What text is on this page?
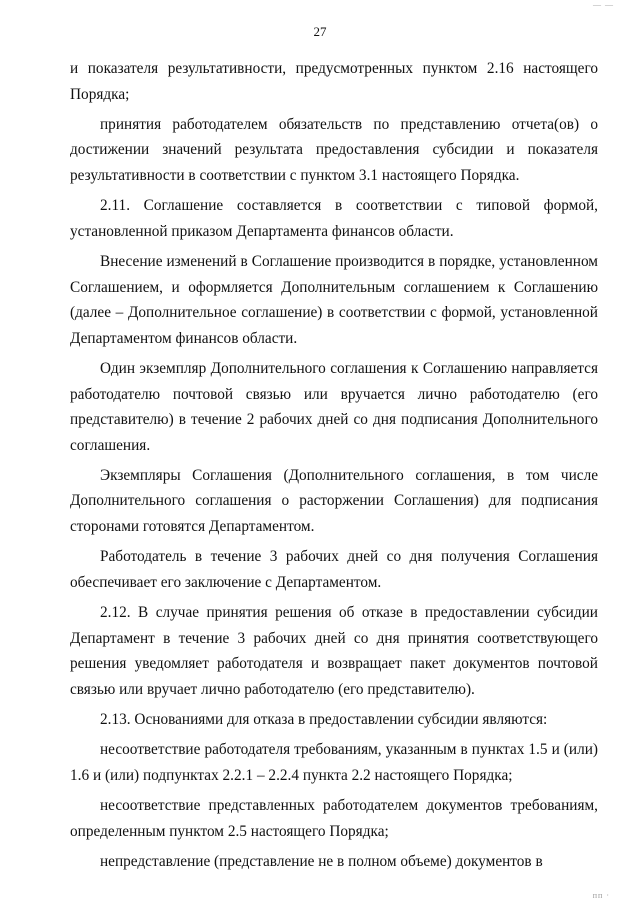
— —
27

и показателя результативности, предусмотренных пунктом 2.16 настоящего Порядка;

принятия работодателем обязательств по представлению отчета(ов) о достижении значений результата предоставления субсидии и показателя результативности в соответствии с пунктом 3.1 настоящего Порядка.

2.11. Соглашение составляется в соответствии с типовой формой, установленной приказом Департамента финансов области.

Внесение изменений в Соглашение производится в порядке, установленном Соглашением, и оформляется Дополнительным соглашением к Соглашению (далее – Дополнительное соглашение) в соответствии с формой, установленной Департаментом финансов области.

Один экземпляр Дополнительного соглашения к Соглашению направляется работодателю почтовой связью или вручается лично работодателю (его представителю) в течение 2 рабочих дней со дня подписания Дополнительного соглашения.

Экземпляры Соглашения (Дополнительного соглашения, в том числе Дополнительного соглашения о расторжении Соглашения) для подписания сторонами готовятся Департаментом.

Работодатель в течение 3 рабочих дней со дня получения Соглашения обеспечивает его заключение с Департаментом.

2.12. В случае принятия решения об отказе в предоставлении субсидии Департамент в течение 3 рабочих дней со дня принятия соответствующего решения уведомляет работодателя и возвращает пакет документов почтовой связью или вручает лично работодателю (его представителю).

2.13. Основаниями для отказа в предоставлении субсидии являются:

несоответствие работодателя требованиям, указанным в пунктах 1.5 и (или) 1.6 и (или) подпунктах 2.2.1 – 2.2.4 пункта 2.2 настоящего Порядка;

несоответствие представленных работодателем документов требованиям, определенным пунктом 2.5 настоящего Порядка;

непредставление (представление не в полном объеме) документов в

пп ·
